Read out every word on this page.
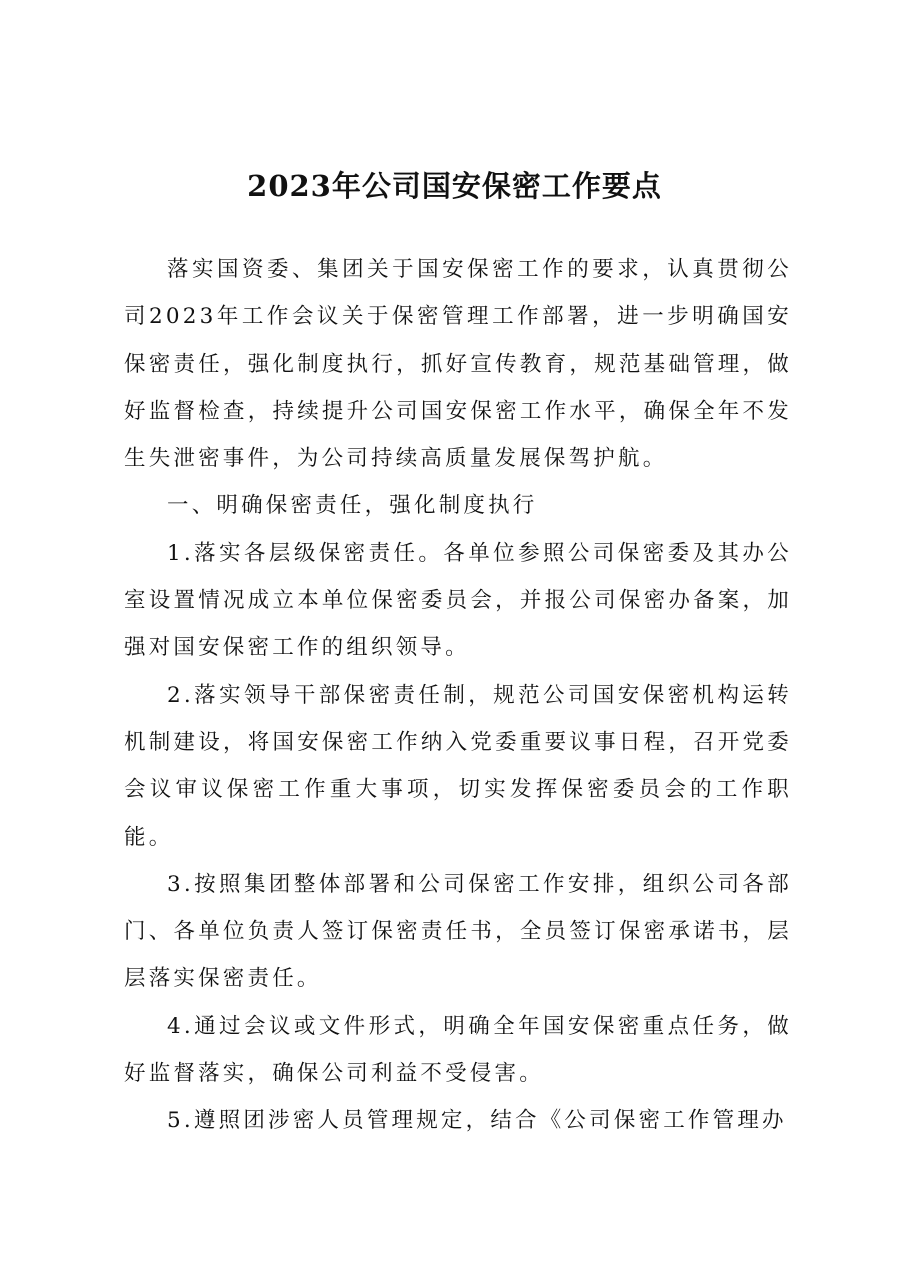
2023年公司国安保密工作要点

落实国资委、集团关于国安保密工作的要求，认真贯彻公司2023年工作会议关于保密管理工作部署，进一步明确国安保密责任，强化制度执行，抓好宣传教育，规范基础管理，做好监督检查，持续提升公司国安保密工作水平，确保全年不发生失泄密事件，为公司持续高质量发展保驾护航。

一、明确保密责任，强化制度执行

1.落实各层级保密责任。各单位参照公司保密委及其办公室设置情况成立本单位保密委员会，并报公司保密办备案，加强对国安保密工作的组织领导。

2.落实领导干部保密责任制，规范公司国安保密机构运转机制建设，将国安保密工作纳入党委重要议事日程，召开党委会议审议保密工作重大事项，切实发挥保密委员会的工作职能。

3.按照集团整体部署和公司保密工作安排，组织公司各部门、各单位负责人签订保密责任书，全员签订保密承诺书，层层落实保密责任。

4.通过会议或文件形式，明确全年国安保密重点任务，做好监督落实，确保公司利益不受侵害。

5.遵照团涉密人员管理规定，结合《公司保密工作管理办
